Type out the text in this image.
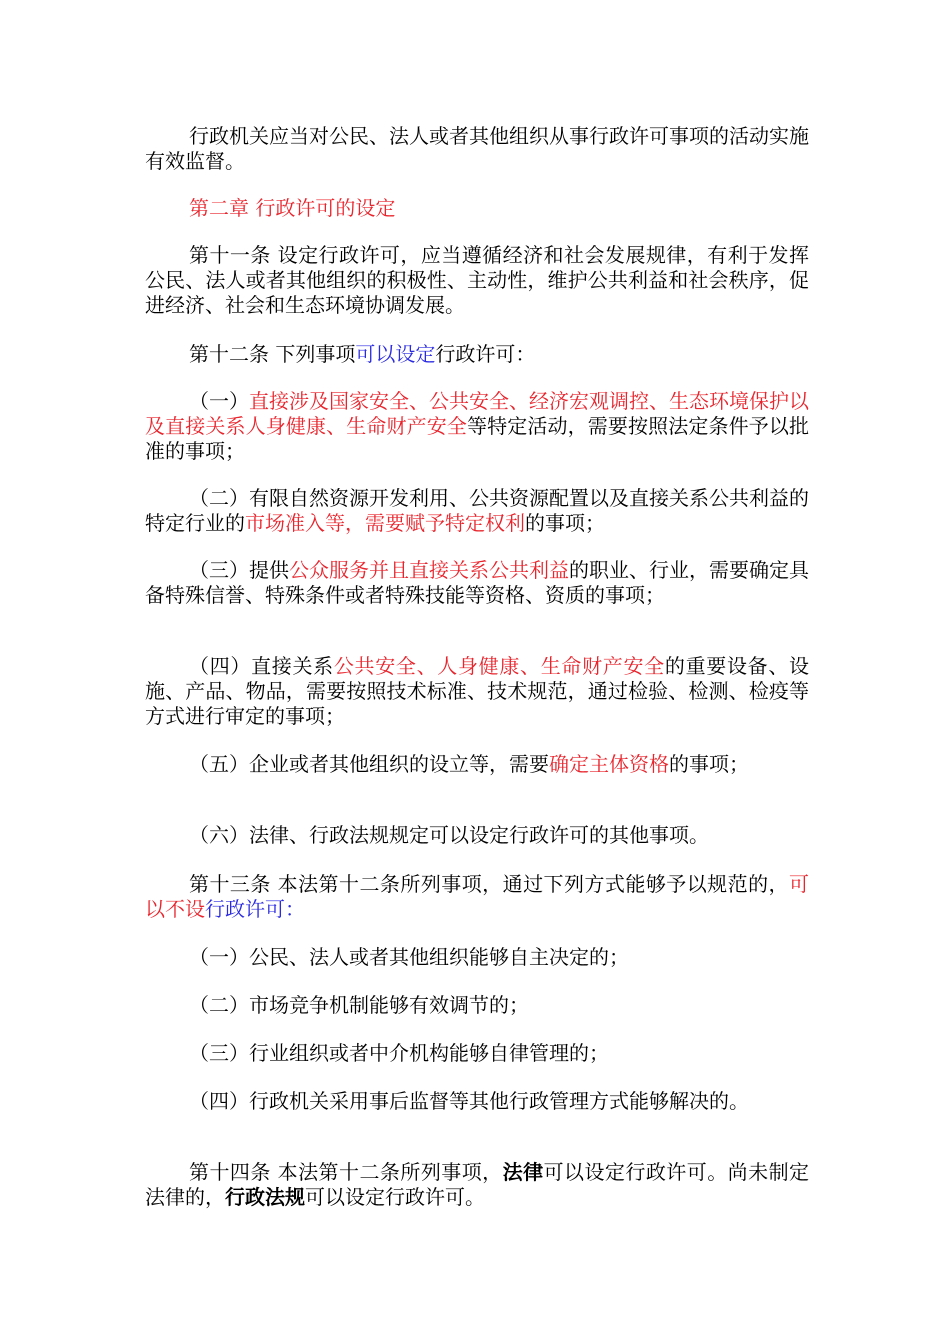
行政机关应当对公民、法人或者其他组织从事行政许可事项的活动实施有效监督。

第二章 行政许可的设定

第十一条 设定行政许可，应当遵循经济和社会发展规律，有利于发挥公民、法人或者其他组织的积极性、主动性，维护公共利益和社会秩序，促进经济、社会和生态环境协调发展。

第十二条 下列事项可以设定行政许可：

（一）直接涉及国家安全、公共安全、经济宏观调控、生态环境保护以及直接关系人身健康、生命财产安全等特定活动，需要按照法定条件予以批准的事项；

（二）有限自然资源开发利用、公共资源配置以及直接关系公共利益的特定行业的市场准入等，需要赋予特定权利的事项；

（三）提供公众服务并且直接关系公共利益的职业、行业，需要确定具备特殊信誉、特殊条件或者特殊技能等资格、资质的事项；

（四）直接关系公共安全、人身健康、生命财产安全的重要设备、设施、产品、物品，需要按照技术标准、技术规范，通过检验、检测、检疫等方式进行审定的事项；

（五）企业或者其他组织的设立等，需要确定主体资格的事项；

（六）法律、行政法规规定可以设定行政许可的其他事项。

第十三条 本法第十二条所列事项，通过下列方式能够予以规范的，可以不设行政许可：

（一）公民、法人或者其他组织能够自主决定的；

（二）市场竞争机制能够有效调节的；

（三）行业组织或者中介机构能够自律管理的；

（四）行政机关采用事后监督等其他行政管理方式能够解决的。

第十四条 本法第十二条所列事项，法律可以设定行政许可。尚未制定法律的，行政法规可以设定行政许可。
